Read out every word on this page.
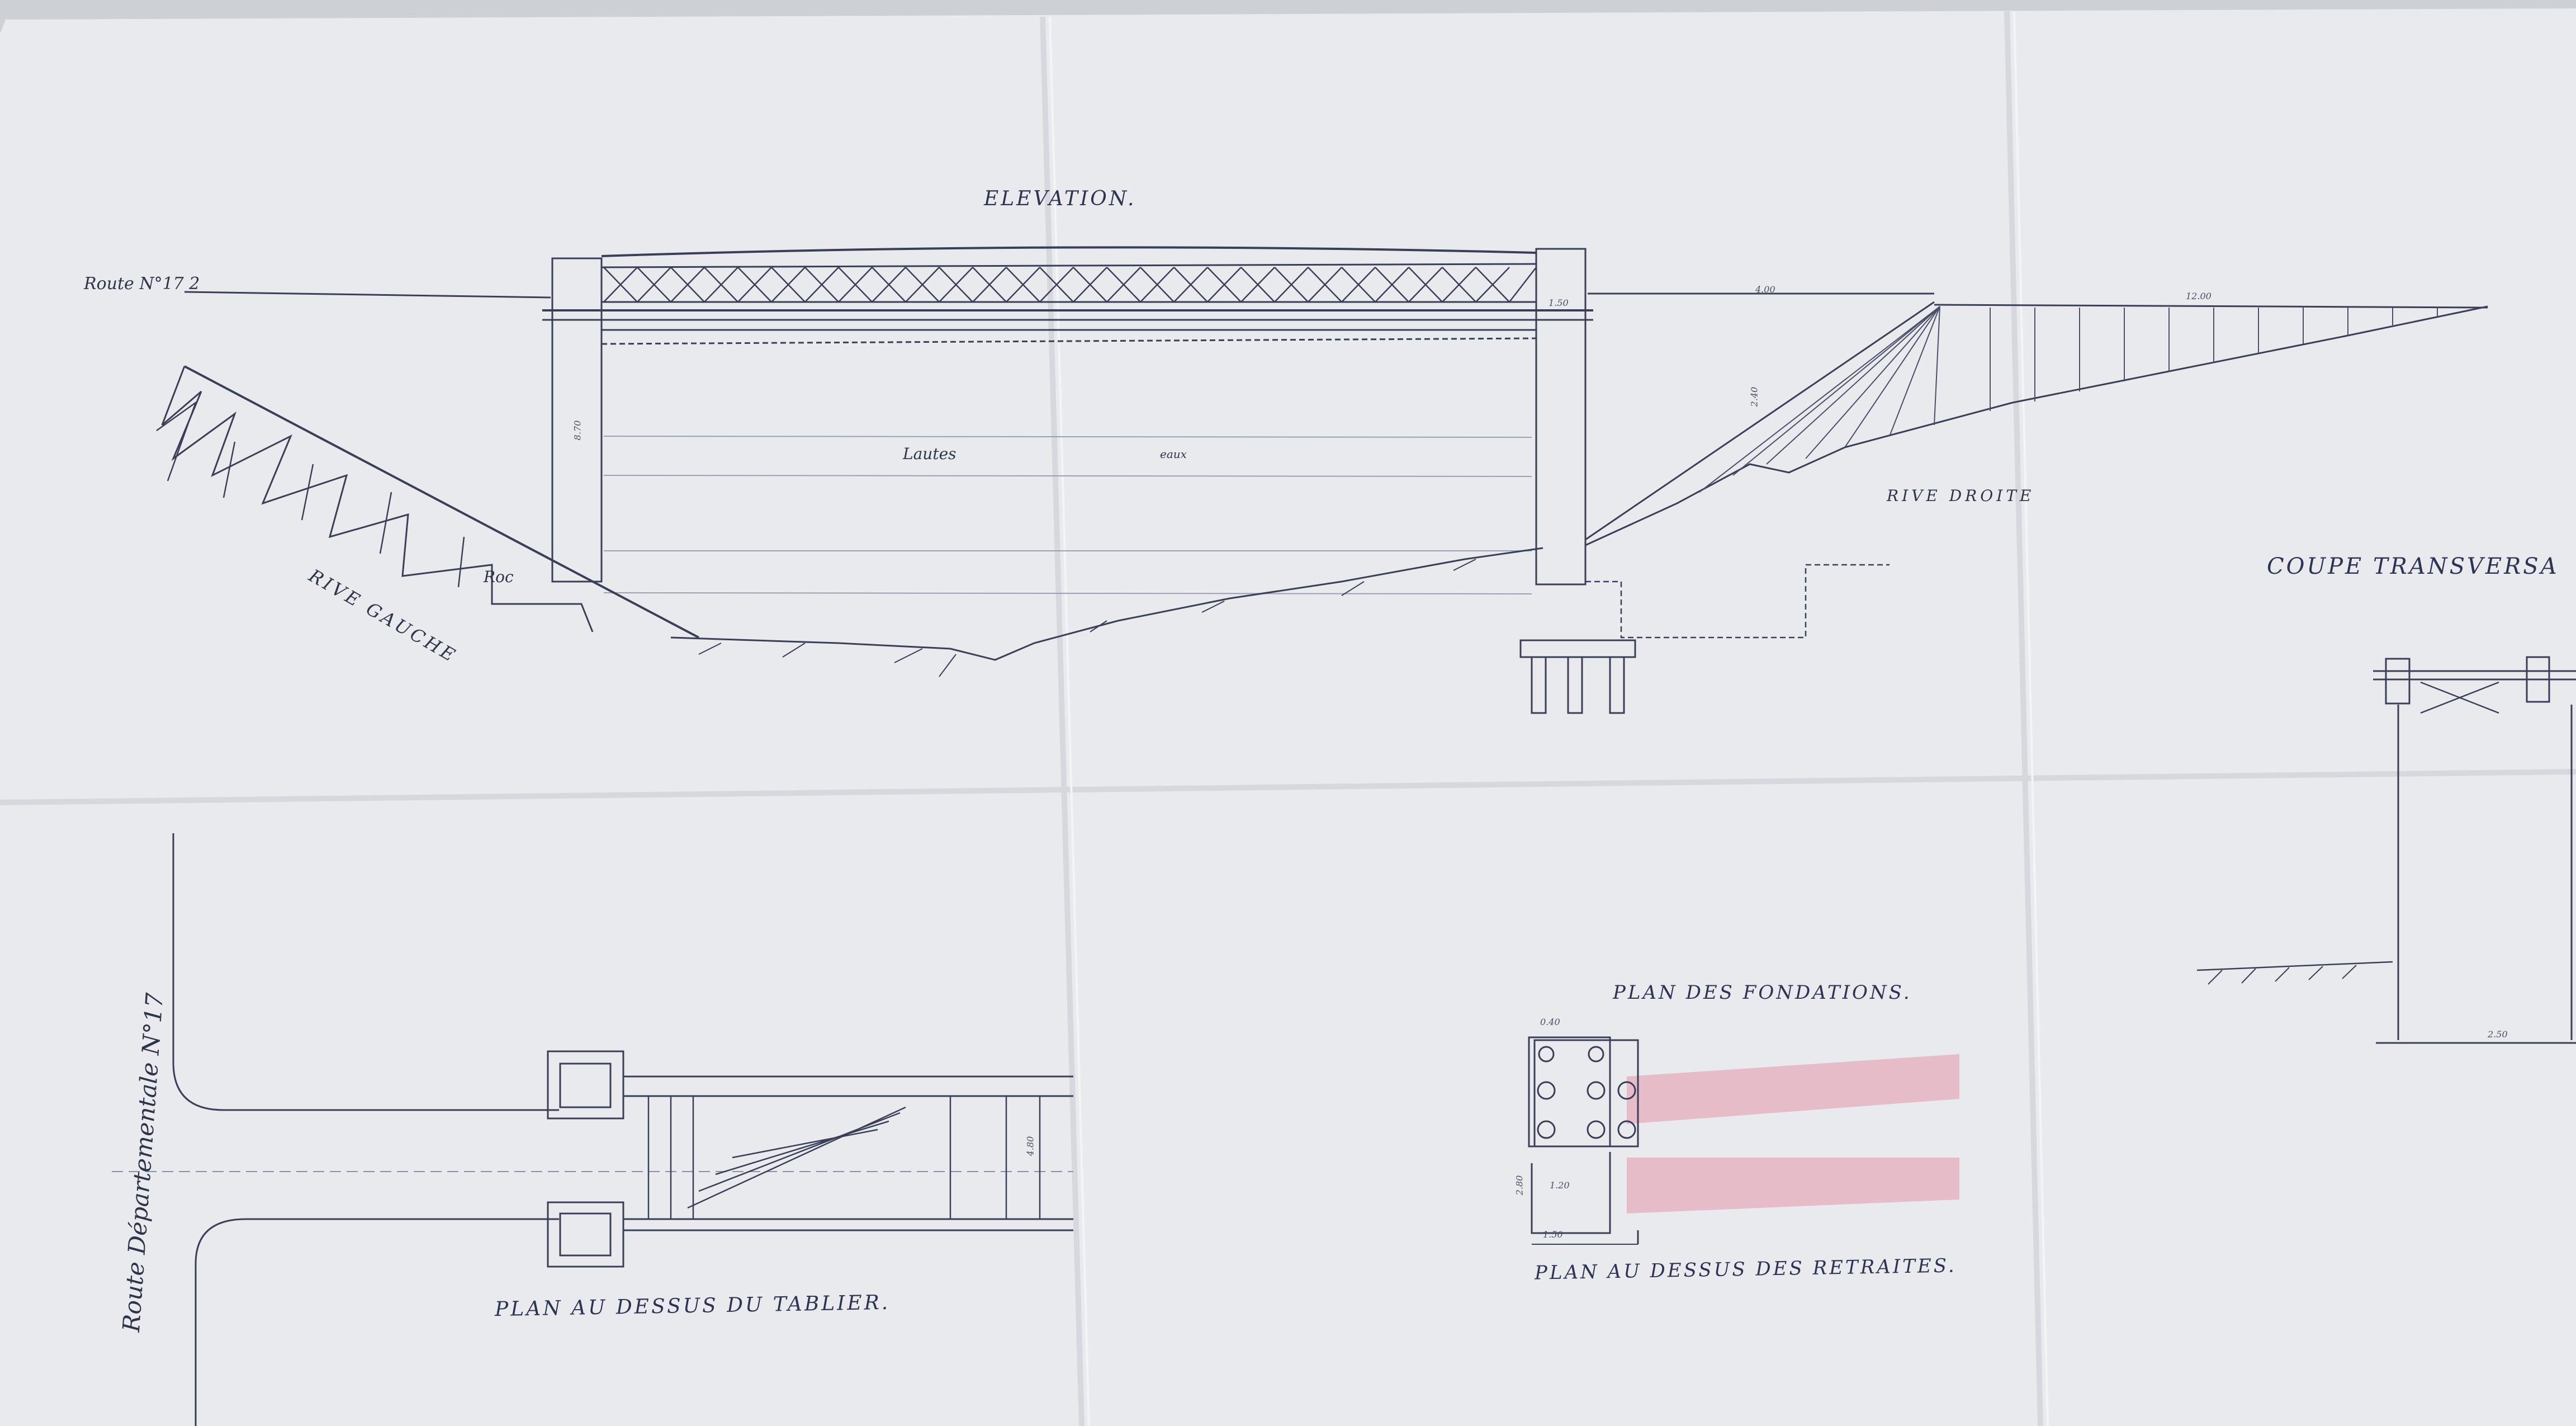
ELEVATION.
COUPE TRANSVERSA
PLAN DES FONDATIONS.
PLAN AU DESSUS DES RETRAITES.
PLAN AU DESSUS DU TABLIER.
Route N°17 2
RIVE GAUCHE Roc
RIVE DROITE
Lautes	eaux
Route Départementale N°17
12.00
4.00
1.50
8.70
2.40
0.40
1.50
2.80	1.20
4.80
2.50
